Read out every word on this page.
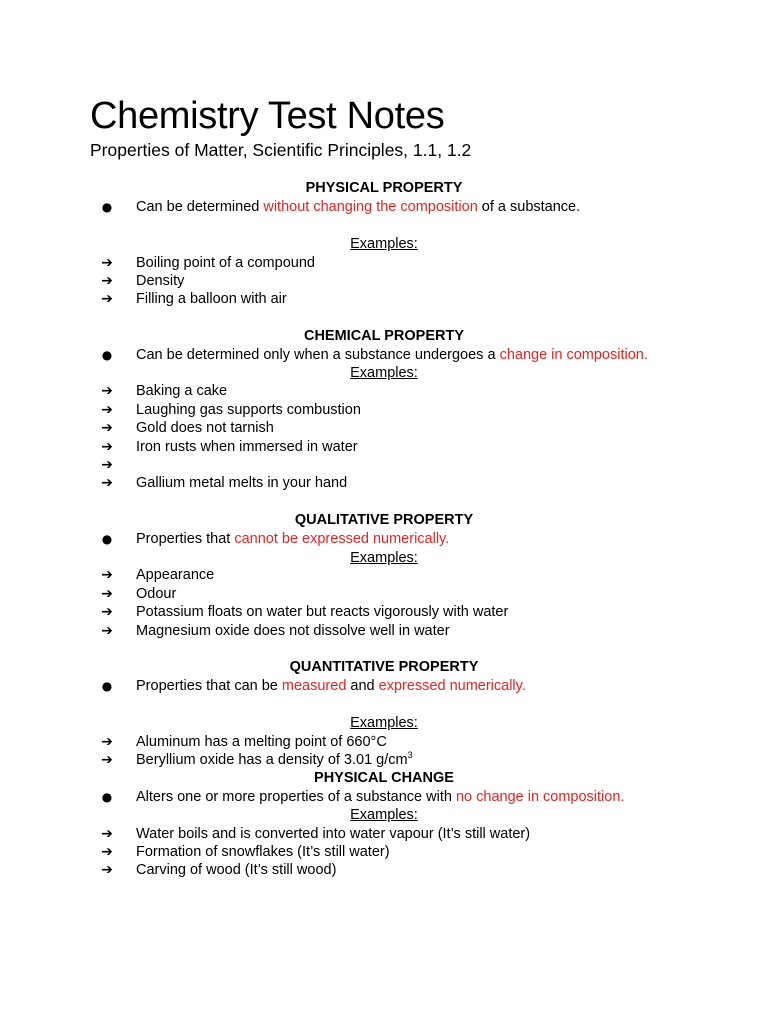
Chemistry Test Notes
Properties of Matter, Scientific Principles, 1.1, 1.2
PHYSICAL PROPERTY
●	Can be determined without changing the composition of a substance.
Examples:
➔ Boiling point of a compound
➔ Density
➔ Filling a balloon with air
CHEMICAL PROPERTY
●	Can be determined only when a substance undergoes a change in composition.
Examples:
➔ Baking a cake
➔ Laughing gas supports combustion
➔ Gold does not tarnish
➔ Iron rusts when immersed in water
➔
➔ Gallium metal melts in your hand
QUALITATIVE PROPERTY
●	Properties that cannot be expressed numerically.
Examples:
➔ Appearance
➔ Odour
➔ Potassium floats on water but reacts vigorously with water
➔ Magnesium oxide does not dissolve well in water
QUANTITATIVE PROPERTY
●	Properties that can be measured and expressed numerically.
Examples:
➔ Aluminum has a melting point of 660°C
➔ Beryllium oxide has a density of 3.01 $g/cm^3$
PHYSICAL CHANGE
●	Alters one or more properties of a substance with no change in composition.
Examples:
➔ Water boils and is converted into water vapour (It’s still water)
➔ Formation of snowflakes (It’s still water)
➔ Carving of wood (It’s still wood)
